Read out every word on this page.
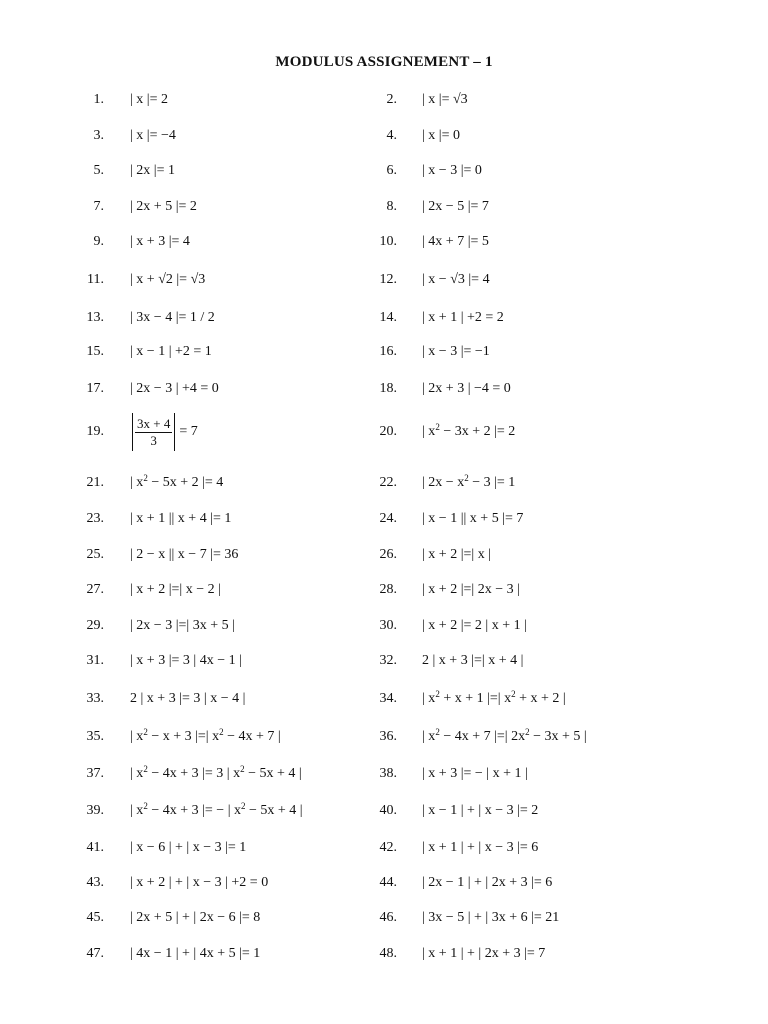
MODULUS ASSIGNEMENT – 1
1. | x |= 2	2. | x |= √3
3. | x |= −4	4. | x |= 0
5. | 2x |= 1	6. | x − 3 |= 0
7. | 2x + 5 |= 2	8. | 2x − 5 |= 7
9. | x + 3 |= 4	10. | 4x + 7 |= 5
11. | x + √2 |= √3	12. | x − √3 |= 4
13. | 3x − 4 |= 1 / 2	14. | x + 1 | +2 = 2
15. | x − 1 | +2 = 1	16. | x − 3 |= −1
17. | 2x − 3 | +4 = 0	18. | 2x + 3 | −4 = 0
19. $\frac{3x + 4}{3} = 7$	20. | $x^2 - 3x + 2$ |= 2
21. | $x^2 - 5x + 2$ |= 4	22. | $2x - x^2 - 3$ |= 1
23. | x + 1 || x + 4 |= 1	24. | x − 1 || x + 5 |= 7
25. | 2 − x || x − 7 |= 36	26. | x + 2 |=| x |
27. | x + 2 |=| x − 2 |	28. | x + 2 |=| 2x − 3 |
29. | 2x − 3 |=| 3x + 5 |	30. | x + 2 |= 2 | x + 1 |
31. | x + 3 |= 3 | 4x − 1 |	32. 2 | x + 3 |=| x + 4 |
33. 2 | x + 3 |= 3 | x − 4 |	34. | $x^2 + x + 1$ |=| $x^2 + x + 2$ |
35. | $x^2 - x + 3$ |=| $x^2 - 4x + 7$ |	36. | $x^2 - 4x + 7$ |=| $2x^2 - 3x + 5$ |
37. | $x^2 - 4x + 3$ |= 3 | $x^2 - 5x + 4$ |	38. | x + 3 |= − | x + 1 |
39. | $x^2 - 4x + 3$ |= − | $x^2 - 5x + 4$ |	40. | x − 1 | + | x − 3 |= 2
41. | x − 6 | + | x − 3 |= 1	42. | x + 1 | + | x − 3 |= 6
43. | x + 2 | + | x − 3 | +2 = 0	44. | 2x − 1 | + | 2x + 3 |= 6
45. | 2x + 5 | + | 2x − 6 |= 8	46. | 3x − 5 | + | 3x + 6 |= 21
47. | 4x − 1 | + | 4x + 5 |= 1	48. | x + 1 | + | 2x + 3 |= 7
